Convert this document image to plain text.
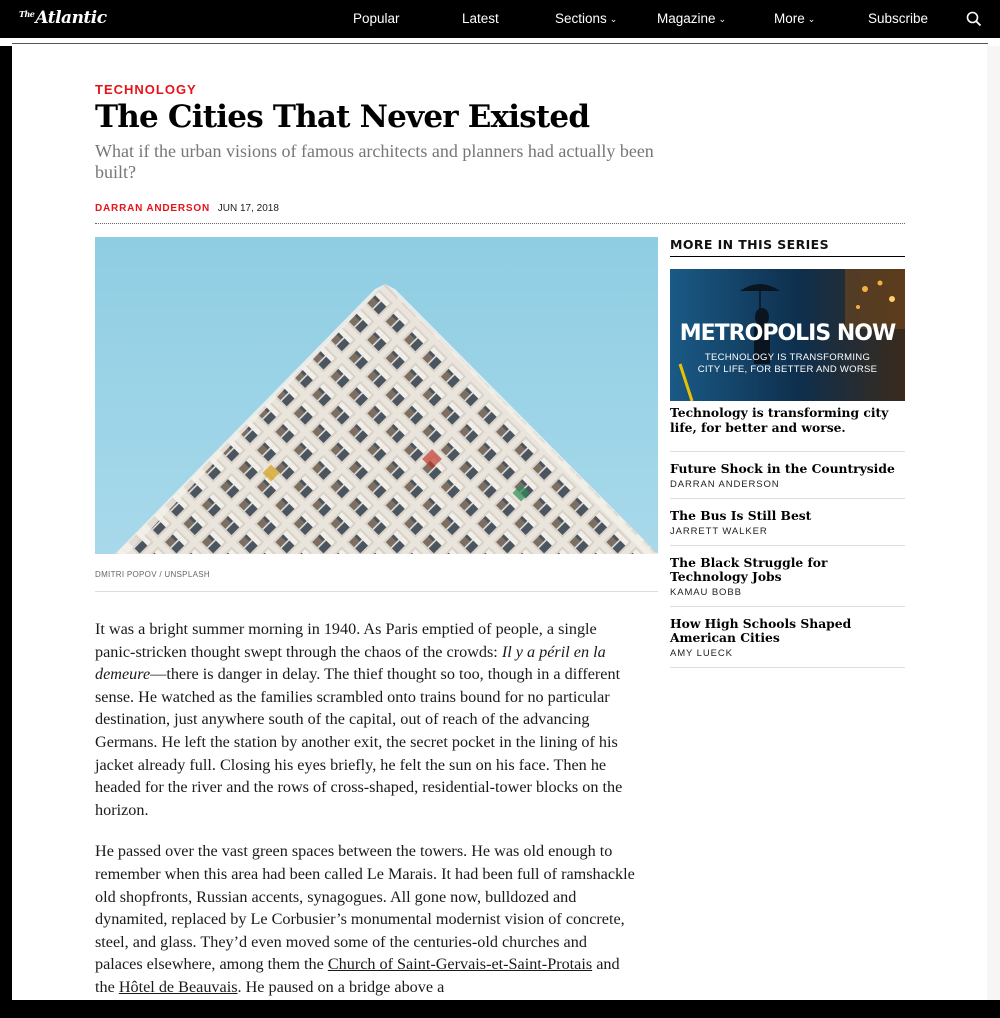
$^{The}$Atlantic	Popular	Latest	Sections ⌄	Magazine ⌄	More ⌄	Subscribe
TECHNOLOGY
The Cities That Never Existed
What if the urban visions of famous architects and planners had actually been built?
DARRAN ANDERSON JUN 17, 2018
DMITRI POPOV / UNSPLASH

It was a bright summer morning in 1940. As Paris emptied of people, a single panic-stricken thought swept through the chaos of the crowds: Il y a péril en la demeure—there is danger in delay. The thief thought so too, though in a different sense. He watched as the families scrambled onto trains bound for no particular destination, just anywhere south of the capital, out of reach of the advancing Germans. He left the station by another exit, the secret pocket in the lining of his jacket already full. Closing his eyes briefly, he felt the sun on his face. Then he headed for the river and the rows of cross-shaped, residential-tower blocks on the horizon.

He passed over the vast green spaces between the towers. He was old enough to remember when this area had been called Le Marais. It had been full of ramshackle old shopfronts, Russian accents, synagogues. All gone now, bulldozed and dynamited, replaced by Le Corbusier’s monumental modernist vision of concrete, steel, and glass. They’d even moved some of the centuries-old churches and palaces elsewhere, among them the Church of Saint-Gervais-et-Saint-Protais and the Hôtel de Beauvais. He paused on a bridge above a

MORE IN THIS SERIES
METROPOLIS NOW
TECHNOLOGY IS TRANSFORMING
CITY LIFE, FOR BETTER AND WORSE
Technology is transforming city life, for better and worse.
Future Shock in the Countryside
DARRAN ANDERSON
The Bus Is Still Best
JARRETT WALKER
The Black Struggle for Technology Jobs
KAMAU BOBB
How High Schools Shaped American Cities
AMY LUECK
